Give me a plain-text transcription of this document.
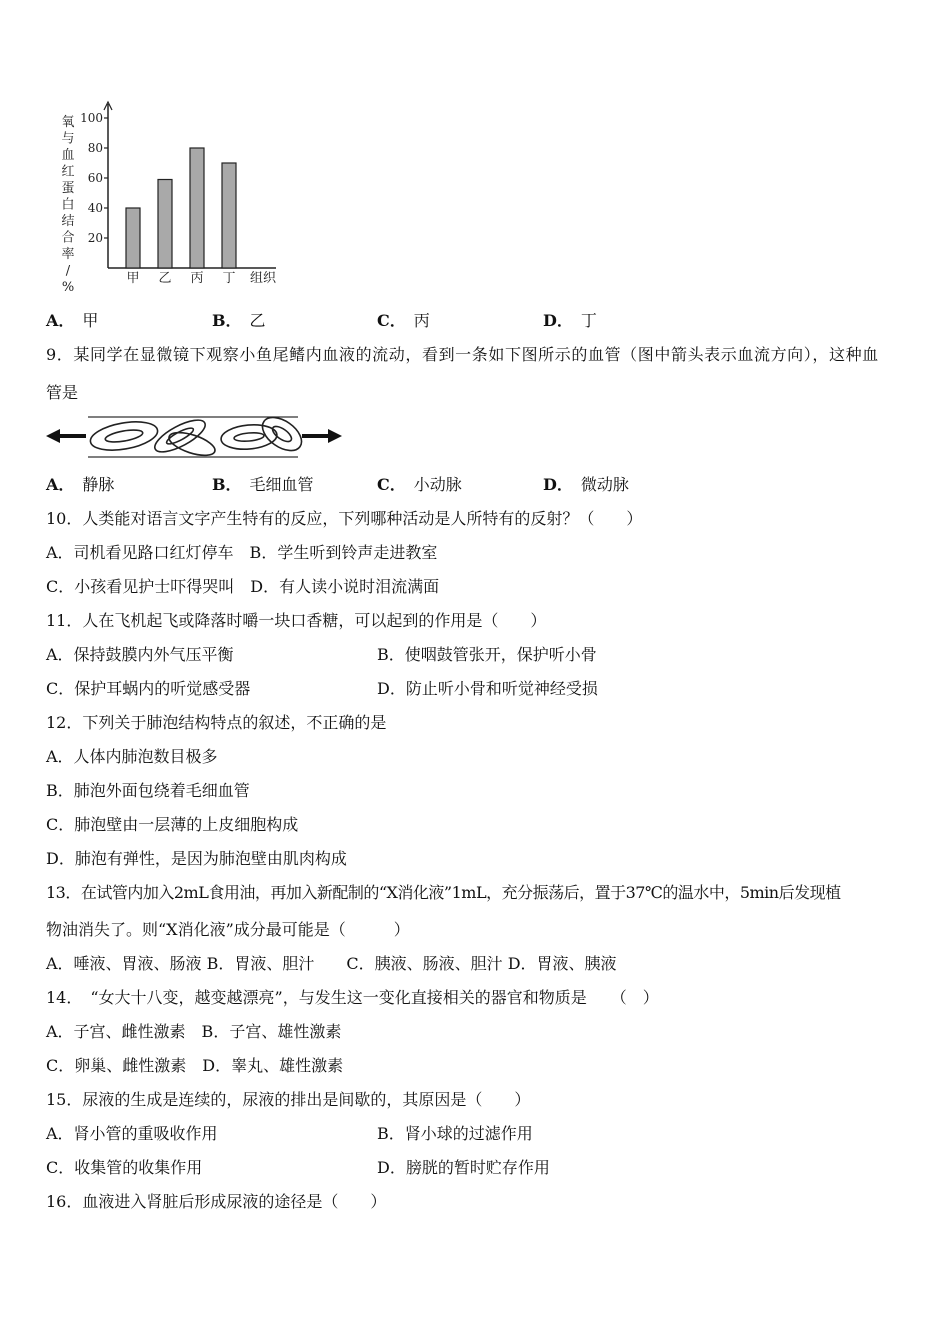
氧
与
血
红
蛋
白
结
合
率
/
%
20
40
60
80
100
甲 乙 丙 丁 组织
A． 甲	B． 乙	C． 丙	D． 丁
9．某同学在显微镜下观察小鱼尾鳍内血液的流动，看到一条如下图所示的血管（图中箭头表示血流方向），这种血
管是
A． 静脉	B． 毛细血管	C． 小动脉	D． 微动脉
10．人类能对语言文字产生特有的反应，下列哪种活动是人所特有的反射？（　　）
A．司机看见路口红灯停车　B．学生听到铃声走进教室
C．小孩看见护士吓得哭叫　D．有人读小说时泪流满面
11．人在飞机起飞或降落时嚼一块口香糖，可以起到的作用是（　　）
A．保持鼓膜内外气压平衡	B．使咽鼓管张开，保护听小骨
C．保护耳蜗内的听觉感受器	D．防止听小骨和听觉神经受损
12．下列关于肺泡结构特点的叙述，不正确的是
A．人体内肺泡数目极多
B．肺泡外面包绕着毛细血管
C．肺泡壁由一层薄的上皮细胞构成
D．肺泡有弹性，是因为肺泡壁由肌肉构成
13．在试管内加入2mL食用油，再加入新配制的“X消化液”1mL，充分振荡后，置于37℃的温水中，5min后发现植
物油消失了。则“X消化液”成分最可能是（　　　）
A．唾液、胃液、肠液 B．胃液、胆汁　　C．胰液、肠液、胆汁 D．胃液、胰液
14．　“女大十八变，越变越漂亮”，与发生这一变化直接相关的器官和物质是　　（　）
A．子宫、雌性激素　B．子宫、雄性激素
C．卵巢、雌性激素　D．睾丸、雄性激素
15．尿液的生成是连续的，尿液的排出是间歇的，其原因是（　　）
A．肾小管的重吸收作用	B．肾小球的过滤作用
C．收集管的收集作用	D．膀胱的暂时贮存作用
16．血液进入肾脏后形成尿液的途径是（　　）
